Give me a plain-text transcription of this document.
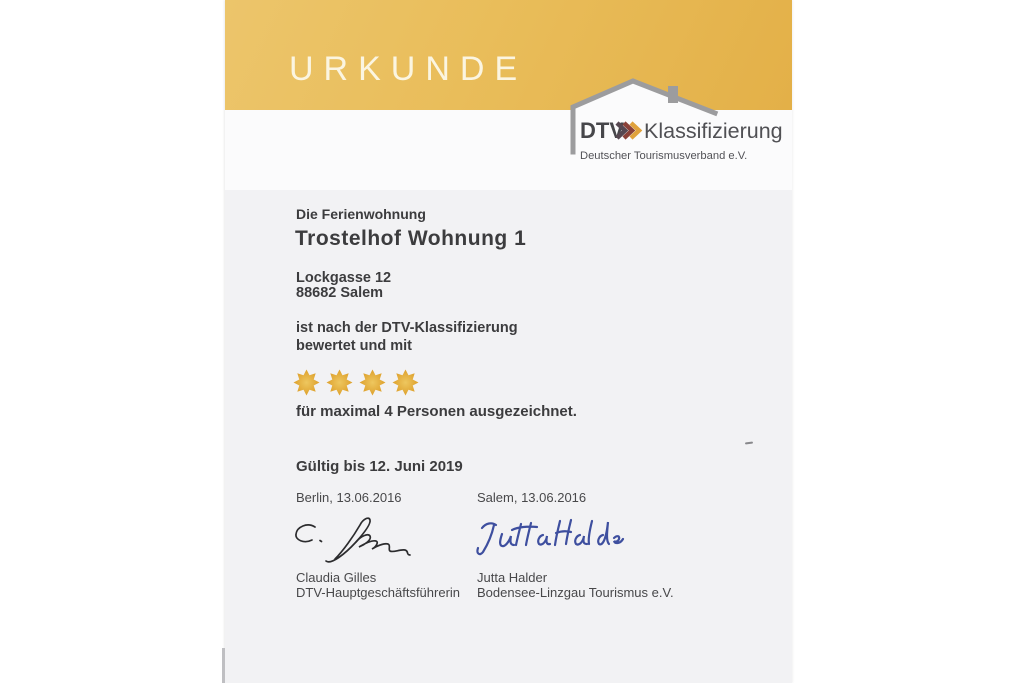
URKUNDE
DTV Klassifizierung
Deutscher Tourismusverband e.V.
Die Ferienwohnung
Trostelhof Wohnung 1
Lockgasse 12
88682 Salem
ist nach der DTV-Klassifizierung
bewertet und mit
für maximal 4 Personen ausgezeichnet.
Gültig bis 12. Juni 2019
Berlin, 13.06.2016	Salem, 13.06.2016
Claudia Gilles
DTV-Hauptgeschäftsführerin
Jutta Halder
Bodensee-Linzgau Tourismus e.V.
